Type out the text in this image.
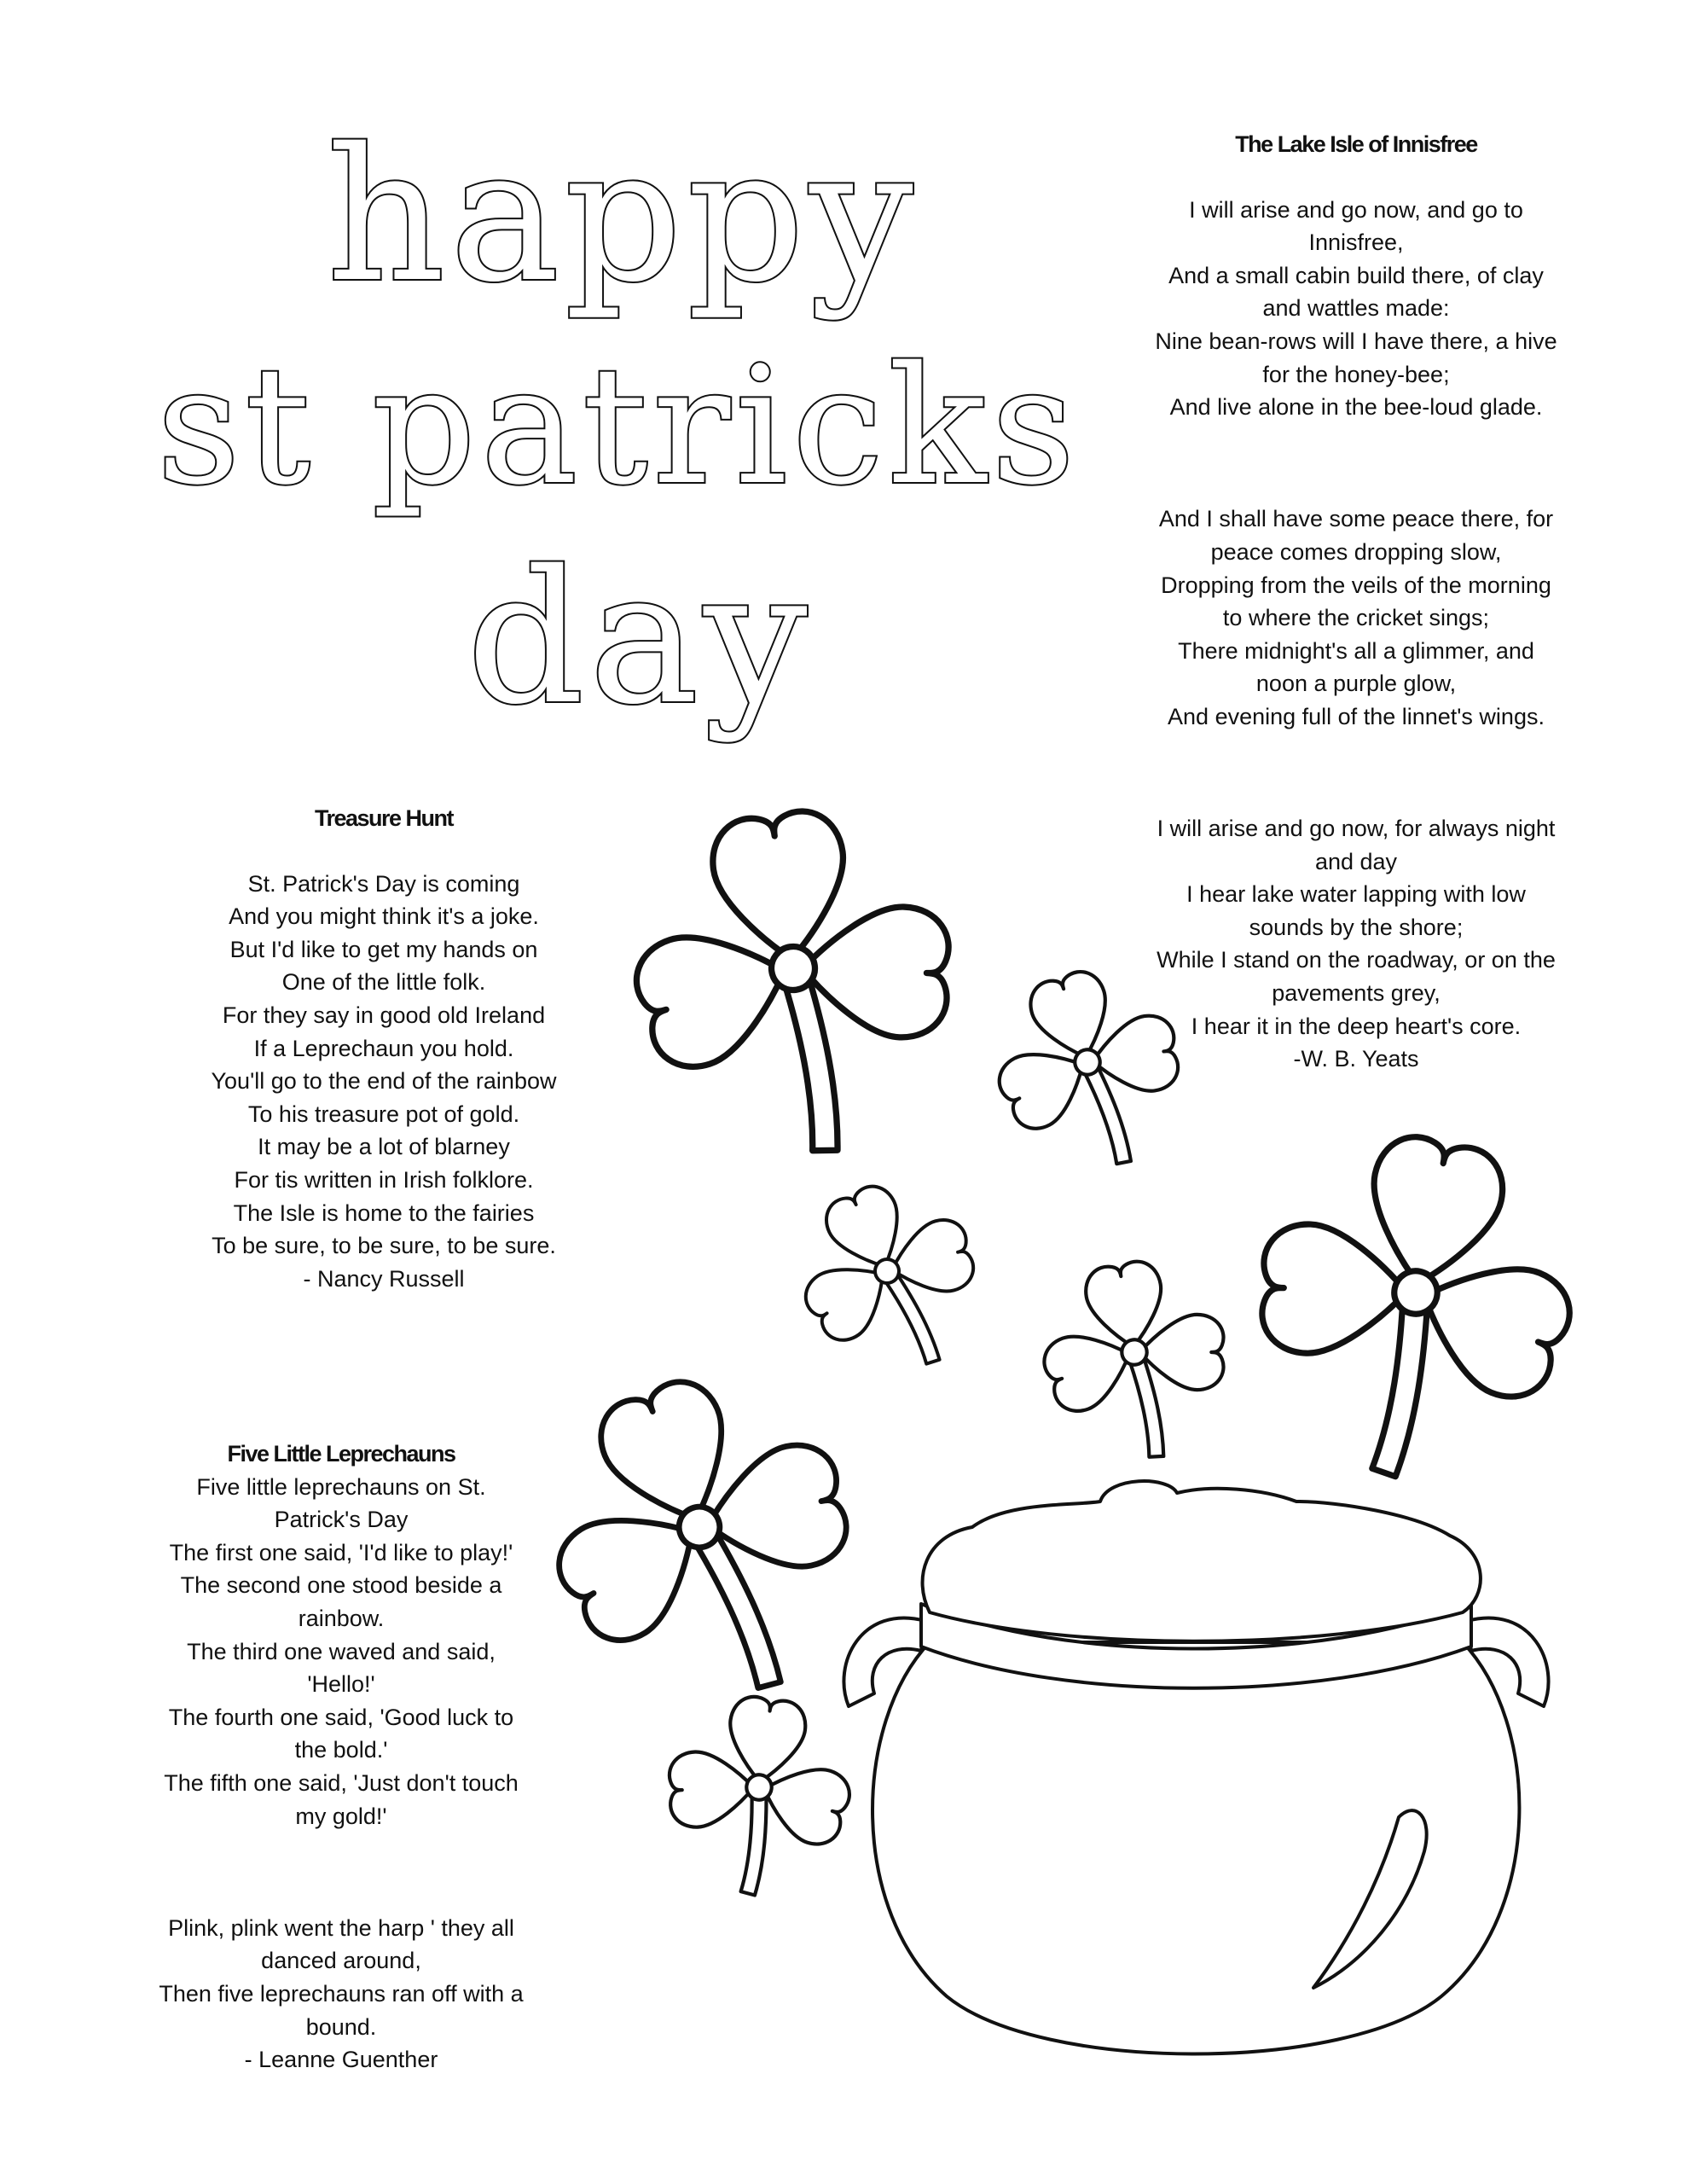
happy
st patricks
day

The Lake Isle of Innisfree

I will arise and go now, and go to

Innisfree,

And a small cabin build there, of clay

and wattles made:

Nine bean-rows will I have there, a hive

for the honey-bee;

And live alone in the bee-loud glade.

And I shall have some peace there, for

peace comes dropping slow,

Dropping from the veils of the morning

to where the cricket sings;

There midnight's all a glimmer, and

noon a purple glow,

And evening full of the linnet's wings.

I will arise and go now, for always night

and day

I hear lake water lapping with low

sounds by the shore;

While I stand on the roadway, or on the

pavements grey,

I hear it in the deep heart's core.

-W. B. Yeats

Treasure Hunt

St. Patrick's Day is coming

And you might think it's a joke.

But I'd like to get my hands on

One of the little folk.

For they say in good old Ireland

If a Leprechaun you hold.

You'll go to the end of the rainbow

To his treasure pot of gold.

It may be a lot of blarney

For tis written in Irish folklore.

The Isle is home to the fairies

To be sure, to be sure, to be sure.

- Nancy Russell

Five Little Leprechauns

Five little leprechauns on St.

Patrick's Day

The first one said, 'I'd like to play!'

The second one stood beside a

rainbow.

The third one waved and said,

'Hello!'

The fourth one said, 'Good luck to

the bold.'

The fifth one said, 'Just don't touch

my gold!'

Plink, plink went the harp ' they all

danced around,

Then five leprechauns ran off with a

bound.

- Leanne Guenther
